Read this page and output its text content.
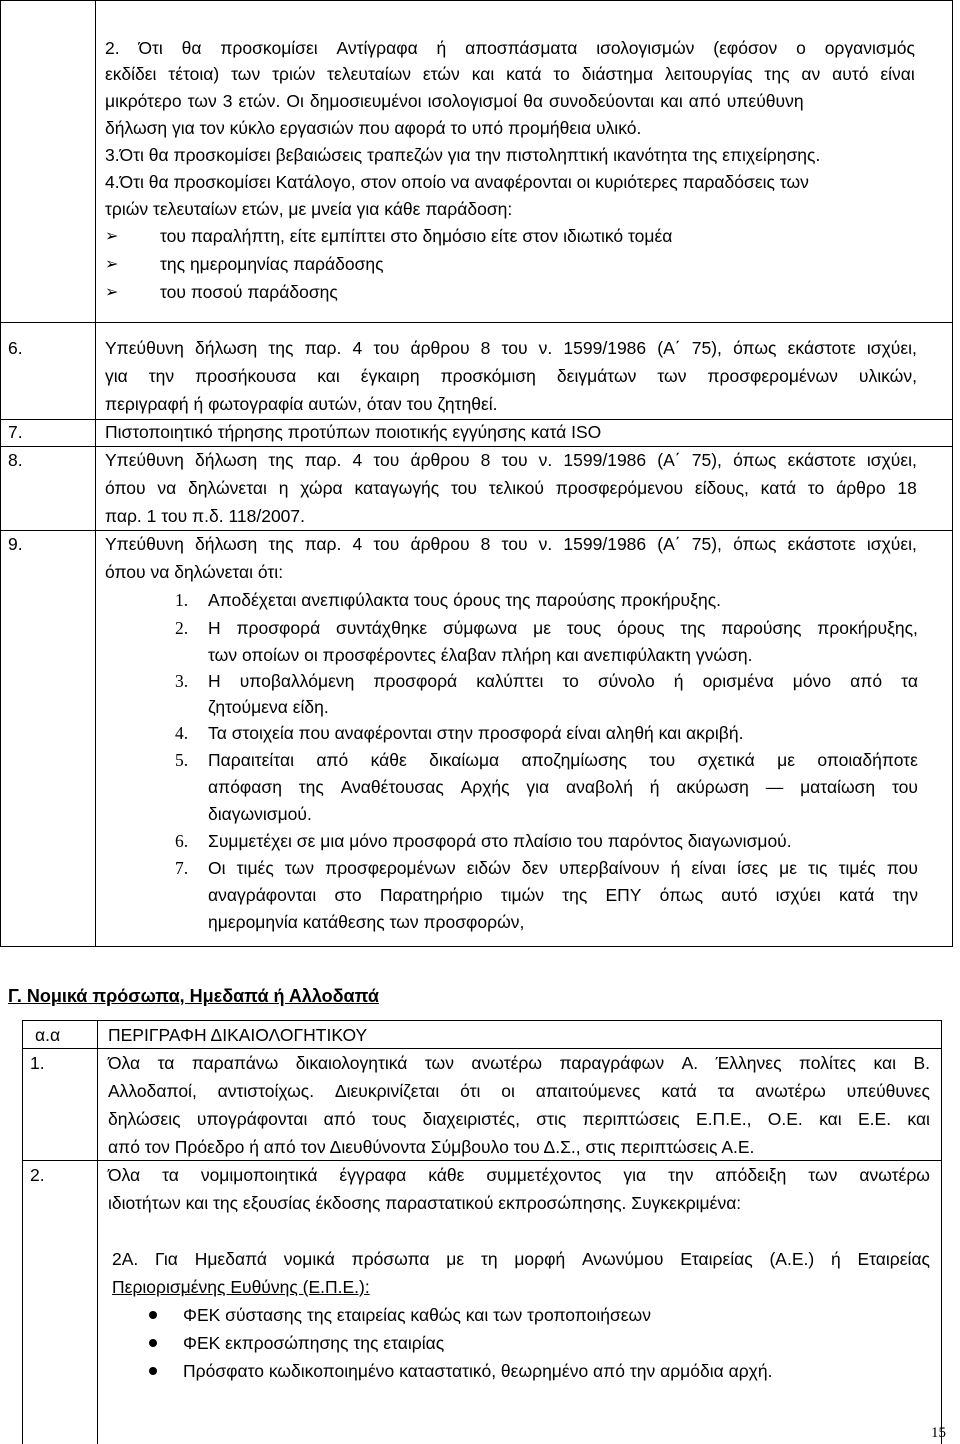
2. Ότι θα προσκομίσει Αντίγραφα ή αποσπάσματα ισολογισμών (εφόσον ο οργανισμός
εκδίδει τέτοια) των τριών τελευταίων ετών και κατά το διάστημα λειτουργίας της αν αυτό είναι
μικρότερο των 3 ετών. Οι δημοσιευμένοι ισολογισμοί θα συνοδεύονται και από υπεύθυνη
δήλωση για τον κύκλο εργασιών που αφορά το υπό προμήθεια υλικό.
3.Ότι θα προσκομίσει βεβαιώσεις τραπεζών για την πιστοληπτική ικανότητα της επιχείρησης.
4.Ότι θα προσκομίσει Κατάλογο, στον οποίο να αναφέρονται οι κυριότερες παραδόσεις των
τριών τελευταίων ετών, με μνεία για κάθε παράδοση:
➢ του παραλήπτη, είτε εμπίπτει στο δημόσιο είτε στον ιδιωτικό τομέα
➢ της ημερομηνίας παράδοσης
➢ του ποσού παράδοσης
6.	Υπεύθυνη δήλωση της παρ. 4 του άρθρου 8 του ν. 1599/1986 (Α΄ 75), όπως εκάστοτε ισχύει,
για την προσήκουσα και έγκαιρη προσκόμιση δειγμάτων των προσφερομένων υλικών,
περιγραφή ή φωτογραφία αυτών, όταν του ζητηθεί.
7.	Πιστοποιητικό τήρησης προτύπων ποιοτικής εγγύησης κατά ISO
8.	Υπεύθυνη δήλωση της παρ. 4 του άρθρου 8 του ν. 1599/1986 (Α΄ 75), όπως εκάστοτε ισχύει,
όπου να δηλώνεται η χώρα καταγωγής του τελικού προσφερόμενου είδους, κατά το άρθρο 18
παρ. 1 του π.δ. 118/2007.
9.	Υπεύθυνη δήλωση της παρ. 4 του άρθρου 8 του ν. 1599/1986 (Α΄ 75), όπως εκάστοτε ισχύει,
όπου να δηλώνεται ότι:
1. Αποδέχεται ανεπιφύλακτα τους όρους της παρούσης προκήρυξης.
2. Η προσφορά συντάχθηκε σύμφωνα με τους όρους της παρούσης προκήρυξης,
των οποίων οι προσφέροντες έλαβαν πλήρη και ανεπιφύλακτη γνώση.
3. Η υποβαλλόμενη προσφορά καλύπτει το σύνολο ή ορισμένα μόνο από τα
ζητούμενα είδη.
4. Τα στοιχεία που αναφέρονται στην προσφορά είναι αληθή και ακριβή.
5. Παραιτείται από κάθε δικαίωμα αποζημίωσης του σχετικά με οποιαδήποτε
απόφαση της Αναθέτουσας Αρχής για αναβολή ή ακύρωση — ματαίωση του
διαγωνισμού.
6. Συμμετέχει σε μια μόνο προσφορά στο πλαίσιο του παρόντος διαγωνισμού.
7. Οι τιμές των προσφερομένων ειδών δεν υπερβαίνουν ή είναι ίσες με τις τιμές που
αναγράφονται στο Παρατηρήριο τιμών της ΕΠΥ όπως αυτό ισχύει κατά την
ημερομηνία κατάθεσης των προσφορών,
Γ. Νομικά πρόσωπα, Ημεδαπά ή Αλλοδαπά
α.α	ΠΕΡΙΓΡΑΦΗ ΔΙΚΑΙΟΛΟΓΗΤΙΚΟΥ
1.	Όλα τα παραπάνω δικαιολογητικά των ανωτέρω παραγράφων Α. Έλληνες πολίτες και Β.
Αλλοδαποί, αντιστοίχως. Διευκρινίζεται ότι οι απαιτούμενες κατά τα ανωτέρω υπεύθυνες
δηλώσεις υπογράφονται από τους διαχειριστές, στις περιπτώσεις Ε.Π.Ε., Ο.Ε. και Ε.Ε. και
από τον Πρόεδρο ή από τον Διευθύνοντα Σύμβουλο του Δ.Σ., στις περιπτώσεις Α.Ε.
2.	Όλα τα νομιμοποιητικά έγγραφα κάθε συμμετέχοντος για την απόδειξη των ανωτέρω
ιδιοτήτων και της εξουσίας έκδοσης παραστατικού εκπροσώπησης. Συγκεκριμένα:
2Α. Για Ημεδαπά νομικά πρόσωπα με τη μορφή Ανωνύμου Εταιρείας (Α.Ε.) ή Εταιρείας
Περιορισμένης Ευθύνης (Ε.Π.Ε.):
ΦΕΚ σύστασης της εταιρείας καθώς και των τροποποιήσεων
ΦΕΚ εκπροσώπησης της εταιρίας
Πρόσφατο κωδικοποιημένο καταστατικό, θεωρημένο από την αρμόδια αρχή.
15
